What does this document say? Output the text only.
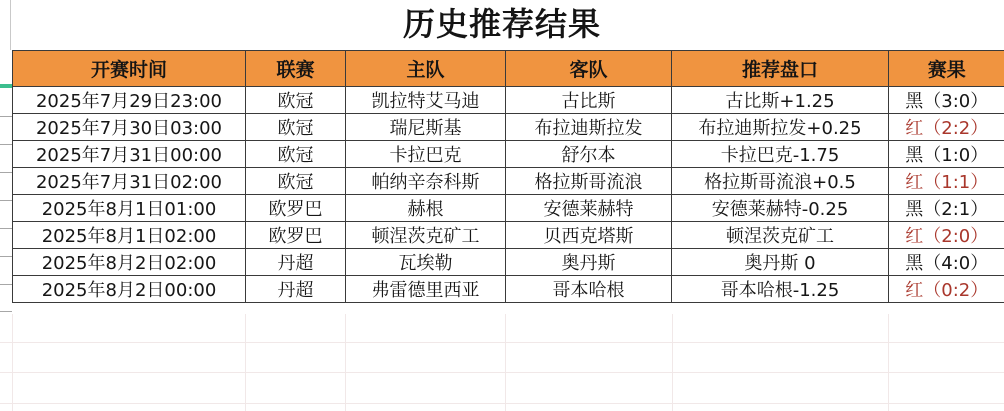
历史推荐结果
开赛时间	联赛	主队	客队	推荐盘口	赛果
2025年7月29日23:00	欧冠	凯拉特艾马迪	古比斯	古比斯+1.25	黑（3:0）
2025年7月30日03:00	欧冠	瑞尼斯基	布拉迪斯拉发	布拉迪斯拉发+0.25	红（2:2）
2025年7月31日00:00	欧冠	卡拉巴克	舒尔本	卡拉巴克-1.75	黑（1:0）
2025年7月31日02:00	欧冠	帕纳辛奈科斯	格拉斯哥流浪	格拉斯哥流浪+0.5	红（1:1）
2025年8月1日01:00	欧罗巴	赫根	安德莱赫特	安德莱赫特-0.25	黑（2:1）
2025年8月1日02:00	欧罗巴	顿涅茨克矿工	贝西克塔斯	顿涅茨克矿工	红（2:0）
2025年8月2日02:00	丹超	瓦埃勒	奥丹斯	奥丹斯 0	黑（4:0）
2025年8月2日00:00	丹超	弗雷德里西亚	哥本哈根	哥本哈根-1.25	红（0:2）
